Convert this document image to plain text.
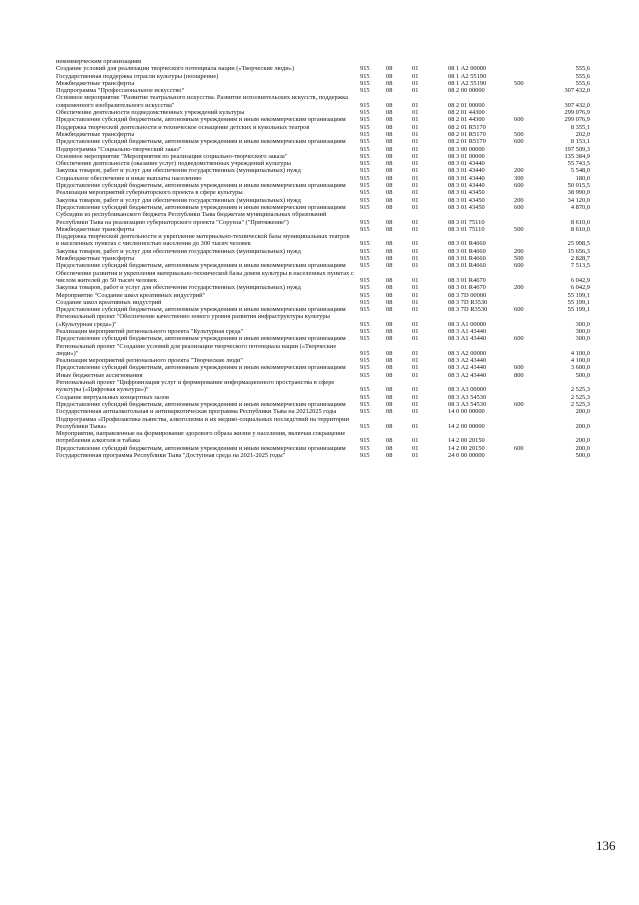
некоммерческим организациям						
Создание условий для реализации творческого потенциала нации («Творческие люди»)	915	08	01	08 1 А2 00000		555,6
Государственная поддержка отрасли культуры (поощрение)	915	08	01	08 1 А2 55190		555,6
Межбюджетные трансферты	915	08	01	08 1 А2 55190	500	555,6
Подпрограмма "Профессиональное искусство"	915	08	01	08 2 00 00000		307 432,0
Основное мероприятие "Развитие театрального искусства. Развитие исполнительских искусств, поддержка современного изобразительного искусства"	915	08	01	08 2 01 00000		307 432,0
Обеспечение деятельности подведомственных учреждений культуры	915	08	01	08 2 01 44300		299 076,9
Предоставление субсидий бюджетным, автономным учреждениям и иным некоммерческим организациям	915	08	01	08 2 01 44300	600	299 076,9
Поддержка творческой деятельности и техническое оснащение детских и кукольных театров	915	08	01	08 2 01 R5170		8 355,1
Межбюджетные трансферты	915	08	01	08 2 01 R5170	500	202,0
Предоставление субсидий бюджетным, автономным учреждениям и иным некоммерческим организациям	915	08	01	08 2 01 R5170	600	8 153,1
Подпрограмма "Социально-творческий заказ"	915	08	01	08 3 00 00000		197 509,3
Основное мероприятие "Мероприятия по реализации социально-творческого заказа"	915	08	01	08 3 01 00000		135 384,9
Обеспечение деятельности (оказание услуг) подведомственных учреждений культуры	915	08	01	08 3 01 43440		55 743,5
Закупка товаров, работ и услуг для обеспечения государственных (муниципальных) нужд	915	08	01	08 3 01 43440	200	5 548,0
Социальное обеспечение и иные выплаты населению	915	08	01	08 3 01 43440	300	180,0
Предоставление субсидий бюджетным, автономным учреждениям и иным некоммерческим организациям	915	08	01	08 3 01 43440	600	50 015,5
Реализация мероприятий губернаторского проекта в сфере культуры	915	08	01	08 3 01 43450		38 990,0
Закупка товаров, работ и услуг для обеспечения государственных (муниципальных) нужд	915	08	01	08 3 01 43450	200	34 120,0
Предоставление субсидий бюджетным, автономным учреждениям и иным некоммерческим организациям	915	08	01	08 3 01 43450	600	4 870,0
Субсидии из республиканского бюджета Республики Тыва бюджетам муниципальных образований Республики Тыва на реализацию губернаторского проекта "Сорунза" ("Притяжение")	915	08	01	08 3 01 75110		8 610,0
Межбюджетные трансферты	915	08	01	08 3 01 75110	500	8 610,0
Поддержка творческой деятельности и укрепление материально-технической базы муниципальных театров в населенных пунктах с численностью населения до 300 тысяч человек	915	08	01	08 3 01 R4660		25 998,5
Закупка товаров, работ и услуг для обеспечения государственных (муниципальных) нужд	915	08	01	08 3 01 R4660	200	15 656,3
Межбюджетные трансферты	915	08	01	08 3 01 R4660	500	2 828,7
Предоставление субсидий бюджетным, автономным учреждениям и иным некоммерческим организациям	915	08	01	08 3 01 R4660	600	7 513,5
Обеспечение развития и укрепления материально-технической базы домов культуры в населенных пунктах с числом жителей до 50 тысяч человек	915	08	01	08 3 01 R4670		6 042,9
Закупка товаров, работ и услуг для обеспечения государственных (муниципальных) нужд	915	08	01	08 3 01 R4670	200	6 042,9
Мероприятие "Создание школ креативных индустрий"	915	08	01	08 3 7D 00000		55 199,1
Создание школ креативных индустрий	915	08	01	08 3 7D R3530		55 199,1
Предоставление субсидий бюджетным, автономным учреждениям и иным некоммерческим организациям	915	08	01	08 3 7D R3530	600	55 199,1
Региональный проект "Обеспечение качественно нового уровня развития инфраструктуры культуры («Культурная среда»)"	915	08	01	08 3 А1 00000		300,0
Реализация мероприятий регионального проекта "Культурная среда"	915	08	01	08 3 А1 43440		300,0
Предоставление субсидий бюджетным, автономным учреждениям и иным некоммерческим организациям	915	08	01	08 3 А1 43440	600	300,0
Региональный проект "Создание условий для реализации творческого потенциала нации («Творческие люди»)"	915	08	01	08 3 А2 00000		4 100,0
Реализация мероприятий регионального проекта "Творческие люди"	915	08	01	08 3 А2 43440		4 100,0
Предоставление субсидий бюджетным, автономным учреждениям и иным некоммерческим организациям	915	08	01	08 3 А2 43440	600	3 600,0
Иные бюджетные ассигнования	915	08	01	08 3 А2 43440	800	500,0
Региональный проект "Цифровизация услуг и формирование информационного пространства в сфере культуры («Цифровая культура»)"	915	08	01	08 3 А3 00000		2 525,3
Создание виртуальных концертных залов	915	08	01	08 3 А3 54530		2 525,3
Предоставление субсидий бюджетным, автономным учреждениям и иным некоммерческим организациям	915	08	01	08 3 А3 54530	600	2 525,3
Государственная антиалкогольная и антинаркотическая программа Республики Тыва на 20212025 годы	915	08	01	14 0 00 00000		200,0
Подпрограмма «Профилактика пьянства, алкоголизма и их медико-социальных последствий на территории Республики Тыва»	915	08	01	14 2 00 00000		200,0
Мероприятия, направленные на формирование здорового образа жизни у населения, включая сокращение потребления алкоголя и табака	915	08	01	14 2 00 20150		200,0
Предоставление субсидий бюджетным, автономным учреждениям и иным некоммерческим организациям	915	08	01	14 2 00 20150	600	200,0
Государственная программа Республики Тыва "Доступная среда на 2021-2025 годы"	915	08	01	24 0 00 00000		500,0
136
